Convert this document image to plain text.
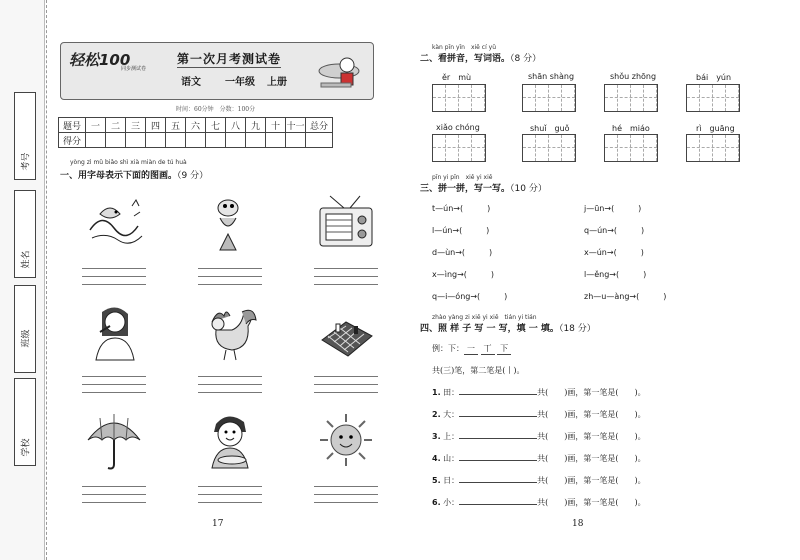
考号
姓名
班级
学校
轻松100
同步测试卷
第一次月考测试卷
语文 一年级 上册
时间：60分钟　分数：100分
题号	一	二	三	四	五	六	七	八	九	十	十一	总分
得分												
yòng zì mǔ biǎo shì xià miàn de tú huà
一、用字母表示下面的图画。（9 分）
17
kàn pīn yīn　xiě cí yǔ
二、看拼音，写词语。（8 分）
ěr　mù	shān shàng	shǒu zhōng	bái　yún
xiǎo chóng	shuǐ　guǒ	hé　miáo	rì　guāng
pīn yi pīn　xiě yi xiě
三、拼一拼，写一写。（10 分）
t—ún→(　　　)	j—ūn→(　　　)
l—ún→(　　　)	q—ún→(　　　)
d—ùn→(　　　)	x—ún→(　　　)
x—ìng→(　　　)	l—ěng→(　　　)
q—i—óng→(　　　)	zh—u—àng→(　　　)
zhào yàng zi xiě yi xiě　tián yi tián
四、照 样 子 写 一 写，填 一 填。（18 分）
例：下： 一 丅 下
共(三)笔，第二笔是(丨)。
1. 田：	共(　　)画，第一笔是(　　)。
2. 大：	共(　　)画，第一笔是(　　)。
3. 上：	共(　　)画，第一笔是(　　)。
4. 山：	共(　　)画，第一笔是(　　)。
5. 日：	共(　　)画，第一笔是(　　)。
6. 小：	共(　　)画，第一笔是(　　)。
18
